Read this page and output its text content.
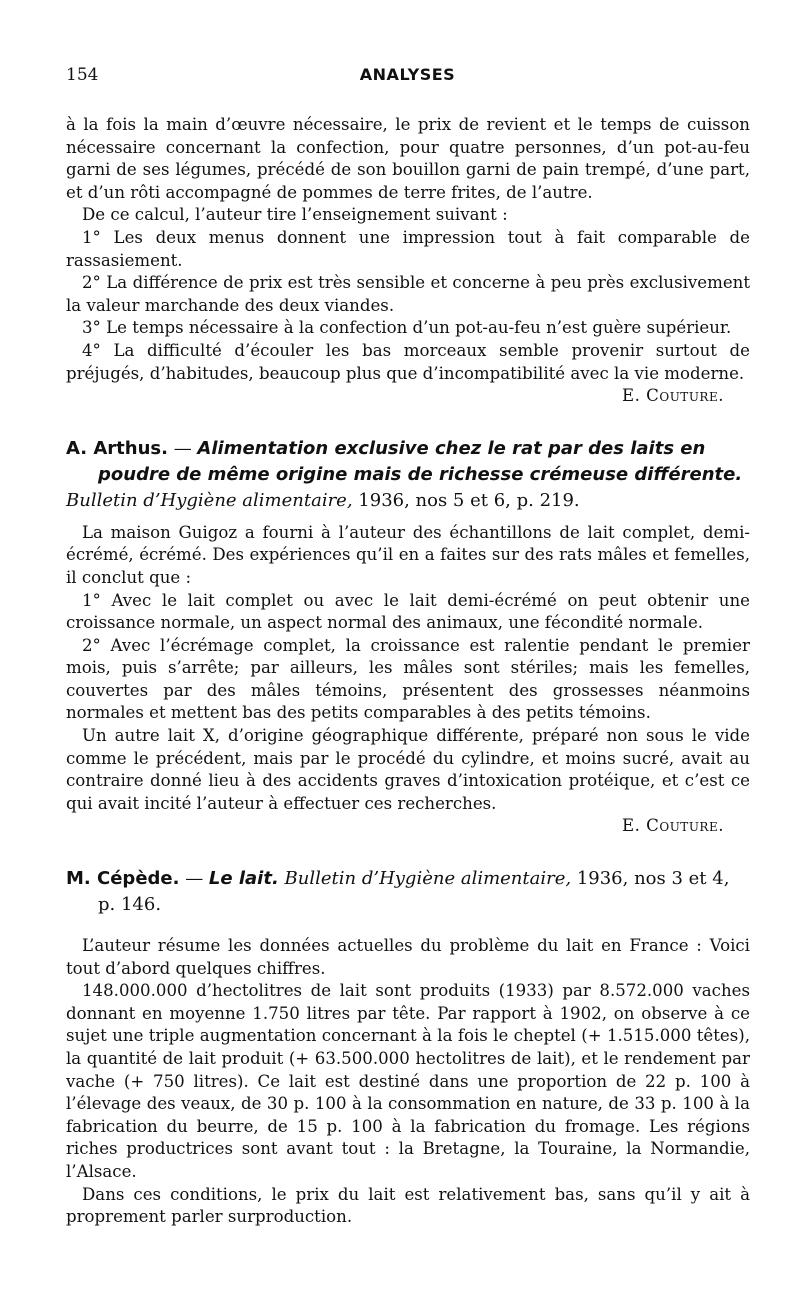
154	ANALYSES

à la fois la main d’œuvre nécessaire, le prix de revient et le temps de cuisson nécessaire concernant la confection, pour quatre personnes, d’un pot-au-feu garni de ses légumes, précédé de son bouillon garni de pain trempé, d’une part, et d’un rôti accompagné de pommes de terre frites, de l’autre.

De ce calcul, l’auteur tire l’enseignement suivant :

1° Les deux menus donnent une impression tout à fait comparable de rassasiement.

2° La différence de prix est très sensible et concerne à peu près exclusivement la valeur marchande des deux viandes.

3° Le temps nécessaire à la confection d’un pot-au-feu n’est guère supérieur.

4° La difficulté d’écouler les bas morceaux semble provenir surtout de préjugés, d’habitudes, beaucoup plus que d’incompatibilité avec la vie moderne.

E. Couture.

A. Arthus. — Alimentation exclusive chez le rat par des laits en poudre de même origine mais de richesse crémeuse différente.
Bulletin d’Hygiène alimentaire, 1936, nos 5 et 6, p. 219.

La maison Guigoz a fourni à l’auteur des échantillons de lait complet, demi-écrémé, écrémé. Des expériences qu’il en a faites sur des rats mâles et femelles, il conclut que :

1° Avec le lait complet ou avec le lait demi-écrémé on peut obtenir une croissance normale, un aspect normal des animaux, une fécondité normale.

2° Avec l’écrémage complet, la croissance est ralentie pendant le premier mois, puis s’arrête; par ailleurs, les mâles sont stériles; mais les femelles, couvertes par des mâles témoins, présentent des grossesses néanmoins normales et mettent bas des petits comparables à des petits témoins.

Un autre lait X, d’origine géographique différente, préparé non sous le vide comme le précédent, mais par le procédé du cylindre, et moins sucré, avait au contraire donné lieu à des accidents graves d’intoxication protéique, et c’est ce qui avait incité l’auteur à effectuer ces recherches.

E. Couture.

M. Cépède. — Le lait. Bulletin d’Hygiène alimentaire, 1936, nos 3 et 4, p. 146.

L’auteur résume les données actuelles du problème du lait en France : Voici tout d’abord quelques chiffres.

148.000.000 d’hectolitres de lait sont produits (1933) par 8.572.000 vaches donnant en moyenne 1.750 litres par tête. Par rapport à 1902, on observe à ce sujet une triple augmentation concernant à la fois le cheptel (+ 1.515.000 têtes), la quantité de lait produit (+ 63.500.000 hectolitres de lait), et le rendement par vache (+ 750 litres). Ce lait est destiné dans une proportion de 22 p. 100 à l’élevage des veaux, de 30 p. 100 à la consommation en nature, de 33 p. 100 à la fabrication du beurre, de 15 p. 100 à la fabrication du fromage. Les régions riches productrices sont avant tout : la Bretagne, la Touraine, la Normandie, l’Alsace.

Dans ces conditions, le prix du lait est relativement bas, sans qu’il y ait à proprement parler surproduction.
